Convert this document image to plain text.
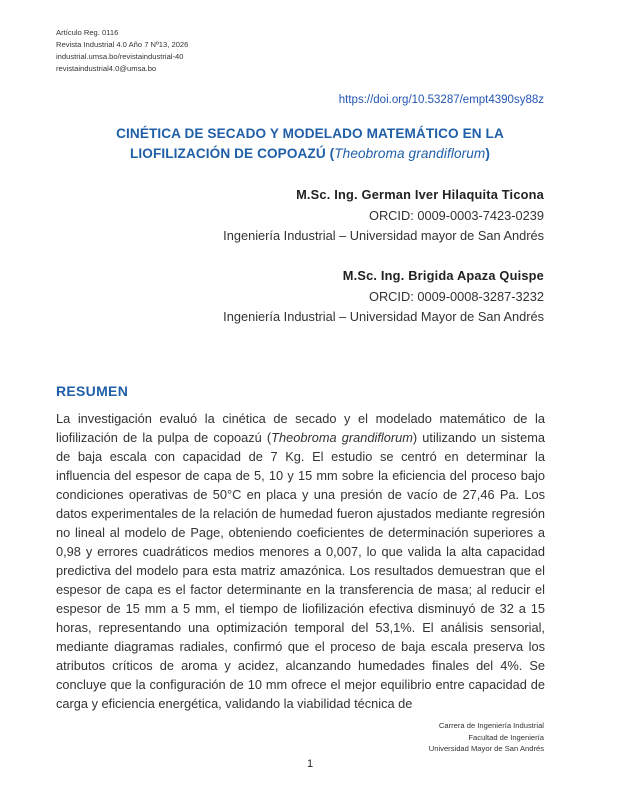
Artículo Reg. 0116
Revista Industrial 4.0 Año 7 Nº13, 2026
industrial.umsa.bo/revistaindustrial-40
revistaindustrial4.0@umsa.bo
https://doi.org/10.53287/empt4390sy88z
CINÉTICA DE SECADO Y MODELADO MATEMÁTICO EN LA
LIOFILIZACIÓN DE COPOAZÚ (Theobroma grandiflorum)
M.Sc. Ing. German Iver Hilaquita Ticona
ORCID: 0009-0003-7423-0239
Ingeniería Industrial – Universidad mayor de San Andrés
M.Sc. Ing. Brigida Apaza Quispe
ORCID: 0009-0008-3287-3232
Ingeniería Industrial – Universidad Mayor de San Andrés
RESUMEN
La investigación evaluó la cinética de secado y el modelado matemático de la liofilización de la pulpa de copoazú (Theobroma grandiflorum) utilizando un sistema de baja escala con capacidad de 7 Kg. El estudio se centró en determinar la influencia del espesor de capa de 5, 10 y 15 mm sobre la eficiencia del proceso bajo condiciones operativas de 50°C en placa y una presión de vacío de 27,46 Pa. Los datos experimentales de la relación de humedad fueron ajustados mediante regresión no lineal al modelo de Page, obteniendo coeficientes de determinación superiores a 0,98 y errores cuadráticos medios menores a 0,007, lo que valida la alta capacidad predictiva del modelo para esta matriz amazónica. Los resultados demuestran que el espesor de capa es el factor determinante en la transferencia de masa; al reducir el espesor de 15 mm a 5 mm, el tiempo de liofilización efectiva disminuyó de 32 a 15 horas, representando una optimización temporal del 53,1%. El análisis sensorial, mediante diagramas radiales, confirmó que el proceso de baja escala preserva los atributos críticos de aroma y acidez, alcanzando humedades finales del 4%. Se concluye que la configuración de 10 mm ofrece el mejor equilibrio entre capacidad de carga y eficiencia energética, validando la viabilidad técnica de
Carrera de Ingeniería Industrial
Facultad de Ingeniería
Universidad Mayor de San Andrés
1
